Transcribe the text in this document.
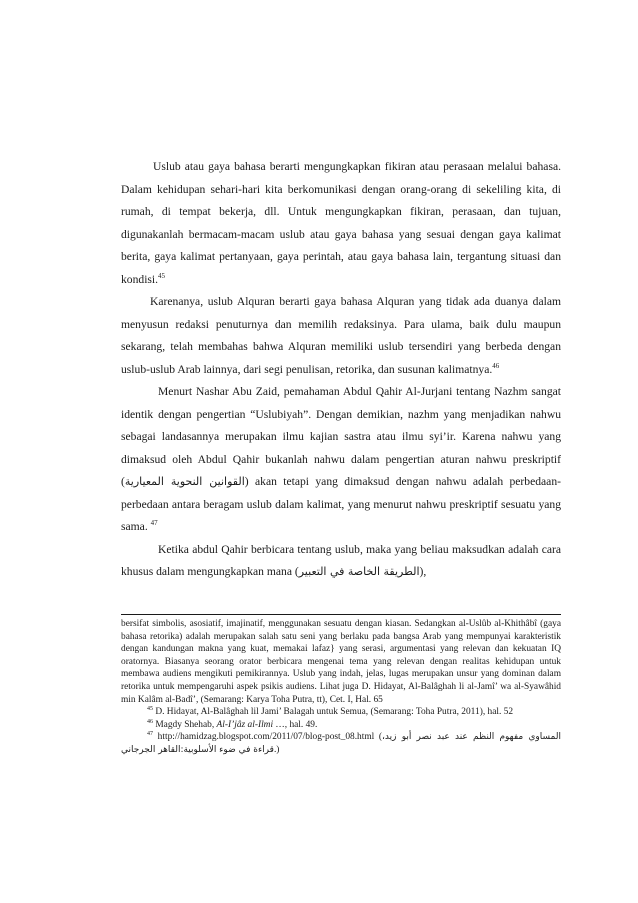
Uslub atau gaya bahasa berarti mengungkapkan fikiran atau perasaan melalui bahasa. Dalam kehidupan sehari-hari kita berkomunikasi dengan orang-orang di sekeliling kita, di rumah, di tempat bekerja, dll. Untuk mengungkapkan fikiran, perasaan, dan tujuan, digunakanlah bermacam-macam uslub atau gaya bahasa yang sesuai dengan gaya kalimat berita, gaya kalimat pertanyaan, gaya perintah, atau gaya bahasa lain, tergantung situasi dan kondisi.$^{45}$

Karenanya, uslub Alquran berarti gaya bahasa Alquran yang tidak ada duanya dalam menyusun redaksi penuturnya dan memilih redaksinya. Para ulama, baik dulu maupun sekarang, telah membahas bahwa Alquran memiliki uslub tersendiri yang berbeda dengan uslub-uslub Arab lainnya, dari segi penulisan, retorika, dan susunan kalimatnya.$^{46}$

Menurt Nashar Abu Zaid, pemahaman Abdul Qahir Al-Jurjani tentang Nazhm sangat identik dengan pengertian “Uslubiyah”. Dengan demikian, nazhm yang menjadikan nahwu sebagai landasannya merupakan ilmu kajian sastra atau ilmu syi’ir. Karena nahwu yang dimaksud oleh Abdul Qahir bukanlah nahwu dalam pengertian aturan nahwu preskriptif (القوانين النحوية المعيارية) akan tetapi yang dimaksud dengan nahwu adalah perbedaan-perbedaan antara beragam uslub dalam kalimat, yang menurut nahwu preskriptif sesuatu yang sama. $^{47}$

Ketika abdul Qahir berbicara tentang uslub, maka yang beliau maksudkan adalah cara khusus dalam mengungkapkan mana (الطريقة الخاصة في التعبير),

bersifat simbolis, asosiatif, imajinatif, menggunakan sesuatu dengan kiasan. Sedangkan al-Uslûb al-Khithâbî (gaya bahasa retorika) adalah merupakan salah satu seni yang berlaku pada bangsa Arab yang mempunyai karakteristik dengan kandungan makna yang kuat, memakai lafaz} yang serasi, argumentasi yang relevan dan kekuatan IQ oratornya. Biasanya seorang orator berbicara mengenai tema yang relevan dengan realitas kehidupan untuk membawa audiens mengikuti pemikirannya. Uslub yang indah, jelas, lugas merupakan unsur yang dominan dalam retorika untuk mempengaruhi aspek psikis audiens. Lihat juga D. Hidayat, Al-Balâghah li al-Jamî’ wa al-Syawâhid min Kalâm al-Badî’, (Semarang: Karya Toha Putra, tt), Cet. I, Hal. 65

$^{45}$ D. Hidayat, Al-Balâghah lil Jami’ Balagah untuk Semua, (Semarang: Toha Putra, 2011), hal. 52

$^{46}$ Magdy Shehab, Al-I’jâz al-Ilmi …, hal. 49.

$^{47}$ http://hamidzag.blogspot.com/2011/07/blog-post_08.html (المساوي مفهوم النظم عند عبد نصر أبو زيد، قراءة في ضوء الأسلوبية:القاهر الجرجاني.)
